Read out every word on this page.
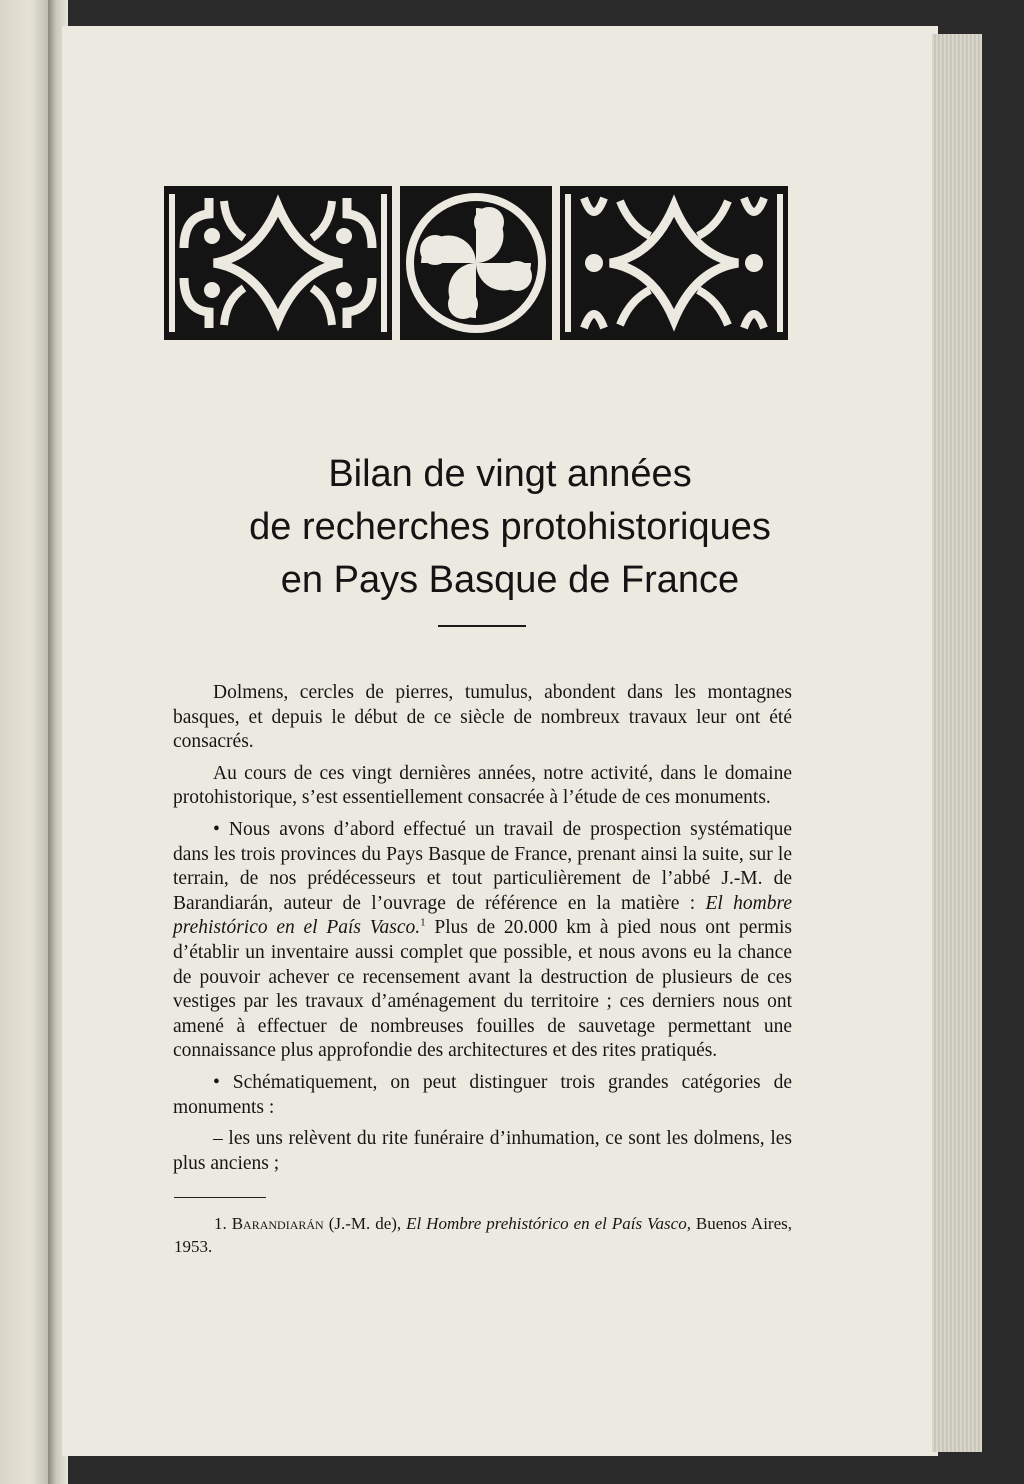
Bilan de vingt années
de recherches protohistoriques
en Pays Basque de France

Dolmens, cercles de pierres, tumulus, abondent dans les montagnes basques, et depuis le début de ce siècle de nombreux travaux leur ont été consacrés.

Au cours de ces vingt dernières années, notre activité, dans le domaine protohistorique, s’est essentiellement consacrée à l’étude de ces monuments.

• Nous avons d’abord effectué un travail de prospection systématique dans les trois provinces du Pays Basque de France, prenant ainsi la suite, sur le terrain, de nos prédécesseurs et tout particulièrement de l’abbé J.-M. de Barandiarán, auteur de l’ouvrage de référence en la matière : El hombre prehistórico en el País Vasco.$^1$ Plus de 20.000 km à pied nous ont permis d’établir un inventaire aussi complet que possible, et nous avons eu la chance de pouvoir achever ce recensement avant la destruction de plusieurs de ces vestiges par les travaux d’aménagement du territoire ; ces derniers nous ont amené à effectuer de nombreuses fouilles de sauvetage permettant une connaissance plus approfondie des architectures et des rites pratiqués.

• Schématiquement, on peut distinguer trois grandes catégories de monuments :

– les uns relèvent du rite funéraire d’inhumation, ce sont les dolmens, les plus anciens ;

1. Barandiarán (J.-M. de), El Hombre prehistórico en el País Vasco, Buenos Aires, 1953.
